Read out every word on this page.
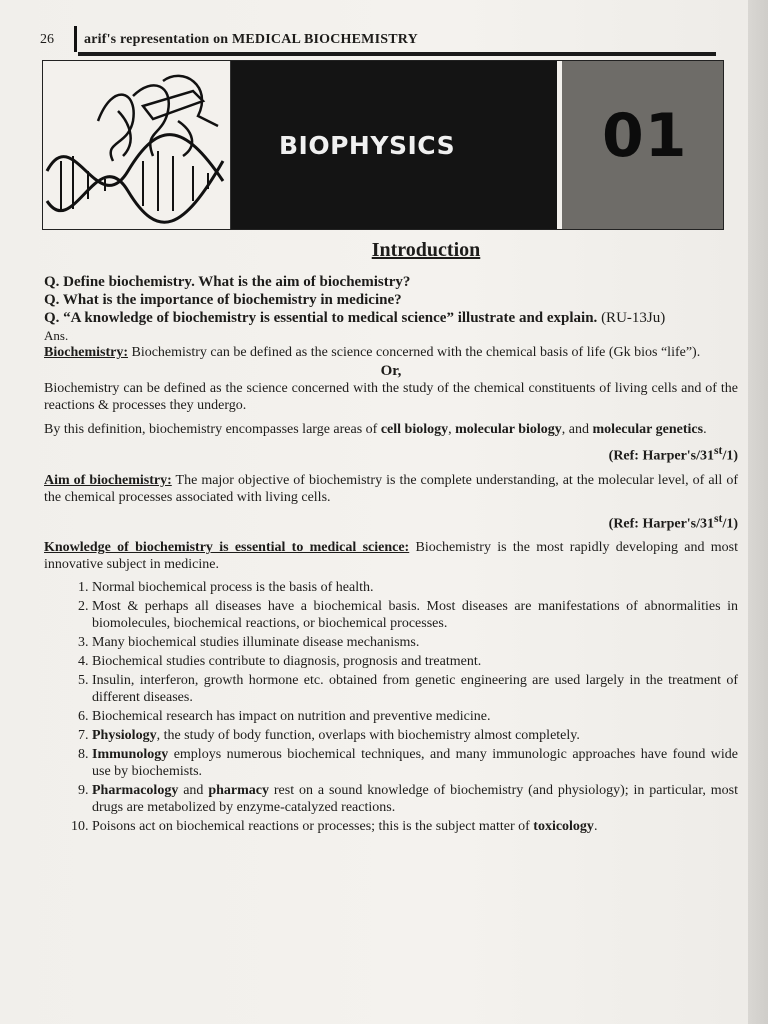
26 arif's representation on MEDICAL BIOCHEMISTRY
BIOPHYSICS 01
Introduction

Q. Define biochemistry. What is the aim of biochemistry?

Q. What is the importance of biochemistry in medicine?

Q. “A knowledge of biochemistry is essential to medical science” illustrate and explain. (RU-13Ju)

Ans.

Biochemistry: Biochemistry can be defined as the science concerned with the chemical basis of life (Gk bios “life”).

Or,

Biochemistry can be defined as the science concerned with the study of the chemical constituents of living cells and of the reactions & processes they undergo.

By this definition, biochemistry encompasses large areas of cell biology, molecular biology, and molecular genetics.

(Ref: Harper's/31st/1)

Aim of biochemistry: The major objective of biochemistry is the complete understanding, at the molecular level, of all of the chemical processes associated with living cells.

(Ref: Harper's/31st/1)

Knowledge of biochemistry is essential to medical science: Biochemistry is the most rapidly developing and most innovative subject in medicine.

1. Normal biochemical process is the basis of health.
2. Most & perhaps all diseases have a biochemical basis. Most diseases are manifestations of abnormalities in biomolecules, biochemical reactions, or biochemical processes.
3. Many biochemical studies illuminate disease mechanisms.
4. Biochemical studies contribute to diagnosis, prognosis and treatment.
5. Insulin, interferon, growth hormone etc. obtained from genetic engineering are used largely in the treatment of different diseases.
6. Biochemical research has impact on nutrition and preventive medicine.
7. Physiology, the study of body function, overlaps with biochemistry almost completely.
8. Immunology employs numerous biochemical techniques, and many immunologic approaches have found wide use by biochemists.
9. Pharmacology and pharmacy rest on a sound knowledge of biochemistry (and physiology); in particular, most drugs are metabolized by enzyme-catalyzed reactions.
10. Poisons act on biochemical reactions or processes; this is the subject matter of toxicology.
